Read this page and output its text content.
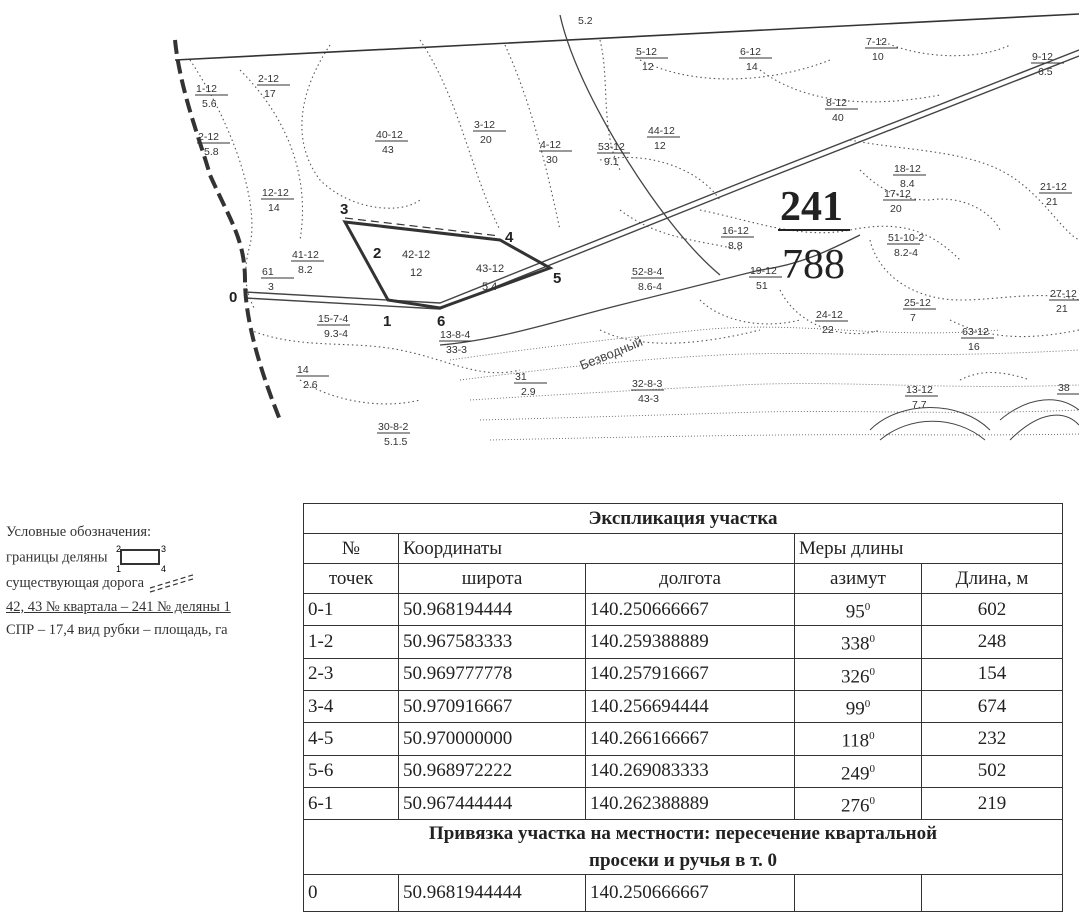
5.2
0
1
2
3
4
5
6
241
788
Безводный
42-12
12	43-12
5.4
1-12
5.6
2-12
17
5-12
12
6-12
14
7-12
10	9-12
6.5
40-12
43
3-12
20	4-12
30
44-12
12
8-12
40
53-12
9.1
12-12
14
18-12
8.4
17-12
20
21-12
21
16-12
8.8
51-10-2
8.2-4
41-12
8.2
61
3
52-8-4
8.6-4
19-12
51
15-7-4
9.3-4	13-8-4
33-3
24-12
22
25-12
7
27-12
21
63-12
16
14
2.6
31
2.9
32-8-3
43-3
13-12
7.7
30-8-2
5.1.5
38
2-12
5.8
Условные обозначения:
границы деляны
2	3
1	4
существующая дорога
42, 43 № квартала – 241 № деляны 1
СПР – 17,4 вид рубки – площадь, га
Экспликация участка				
№	Координаты		Меры длины	
точек	широта	долгота	азимут	Длина, м
0-1	50.968194444	140.250666667	$95^0$	602
1-2	50.967583333	140.259388889	$338^0$	248
2-3	50.969777778	140.257916667	$326^0$	154
3-4	50.970916667	140.256694444	$99^0$	674
4-5	50.970000000	140.266166667	$118^0$	232
5-6	50.968972222	140.269083333	$249^0$	502
6-1	50.967444444	140.262388889	$276^0$	219

Привязка участка на местности: пересечение квартальной
просеки и ручья в т. 0				

0	50.9681944444	140.250666667		
